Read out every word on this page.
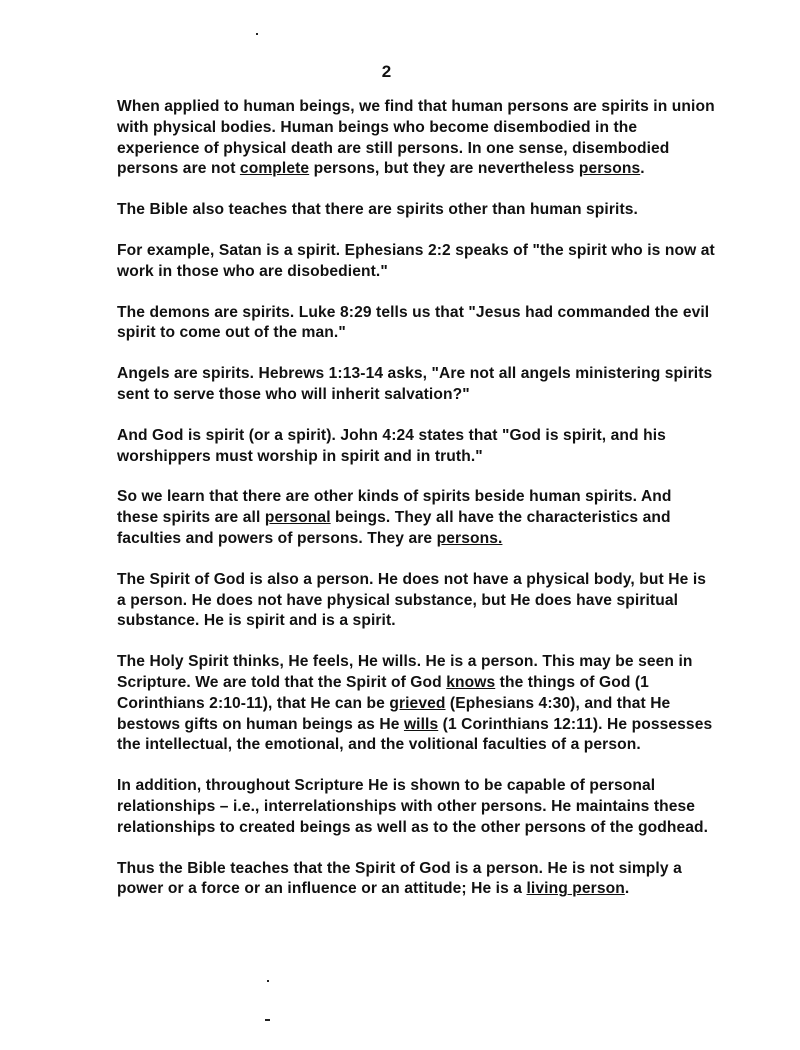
2

When applied to human beings, we find that human persons are spirits in union with physical bodies. Human beings who become disembodied in the experience of physical death are still persons. In one sense, disembodied persons are not complete persons, but they are nevertheless persons.

The Bible also teaches that there are spirits other than human spirits.

For example, Satan is a spirit. Ephesians 2:2 speaks of "the spirit who is now at work in those who are disobedient."

The demons are spirits. Luke 8:29 tells us that "Jesus had commanded the evil spirit to come out of the man."

Angels are spirits. Hebrews 1:13-14 asks, "Are not all angels ministering spirits sent to serve those who will inherit salvation?"

And God is spirit (or a spirit). John 4:24 states that "God is spirit, and his worshippers must worship in spirit and in truth."

So we learn that there are other kinds of spirits beside human spirits. And these spirits are all personal beings. They all have the characteristics and faculties and powers of persons. They are persons.

The Spirit of God is also a person. He does not have a physical body, but He is a person. He does not have physical substance, but He does have spiritual substance. He is spirit and is a spirit.

The Holy Spirit thinks, He feels, He wills. He is a person. This may be seen in Scripture. We are told that the Spirit of God knows the things of God (1 Corinthians 2:10-11), that He can be grieved (Ephesians 4:30), and that He bestows gifts on human beings as He wills (1 Corinthians 12:11). He possesses the intellectual, the emotional, and the volitional faculties of a person.

In addition, throughout Scripture He is shown to be capable of personal relationships – i.e., interrelationships with other persons. He maintains these relationships to created beings as well as to the other persons of the godhead.

Thus the Bible teaches that the Spirit of God is a person. He is not simply a power or a force or an influence or an attitude; He is a living person.
